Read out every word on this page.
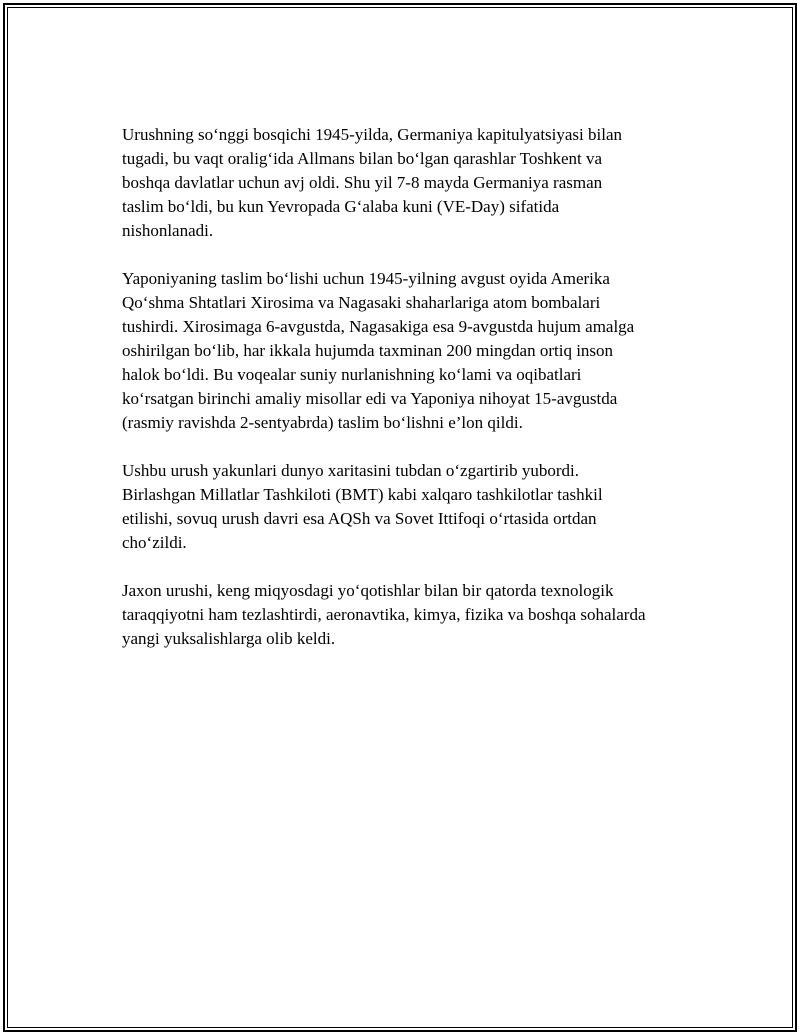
Urushning so‘nggi bosqichi 1945-yilda, Germaniya kapitulyatsiyasi bilan
tugadi, bu vaqt oralig‘ida Allmans bilan bo‘lgan qarashlar Toshkent va
boshqa davlatlar uchun avj oldi. Shu yil 7-8 mayda Germaniya rasman
taslim bo‘ldi, bu kun Yevropada G‘alaba kuni (VE-Day) sifatida
nishonlanadi.

Yaponiyaning taslim bo‘lishi uchun 1945-yilning avgust oyida Amerika
Qo‘shma Shtatlari Xirosima va Nagasaki shaharlariga atom bombalari
tushirdi. Xirosimaga 6-avgustda, Nagasakiga esa 9-avgustda hujum amalga
oshirilgan bo‘lib, har ikkala hujumda taxminan 200 mingdan ortiq inson
halok bo‘ldi. Bu voqealar suniy nurlanishning ko‘lami va oqibatlari
ko‘rsatgan birinchi amaliy misollar edi va Yaponiya nihoyat 15-avgustda
(rasmiy ravishda 2-sentyabrda) taslim bo‘lishni e’lon qildi.

Ushbu urush yakunlari dunyo xaritasini tubdan o‘zgartirib yubordi.
Birlashgan Millatlar Tashkiloti (BMT) kabi xalqaro tashkilotlar tashkil
etilishi, sovuq urush davri esa AQSh va Sovet Ittifoqi o‘rtasida ortdan
cho‘zildi.

Jaxon urushi, keng miqyosdagi yo‘qotishlar bilan bir qatorda texnologik
taraqqiyotni ham tezlashtirdi, aeronavtika, kimya, fizika va boshqa sohalarda
yangi yuksalishlarga olib keldi.
